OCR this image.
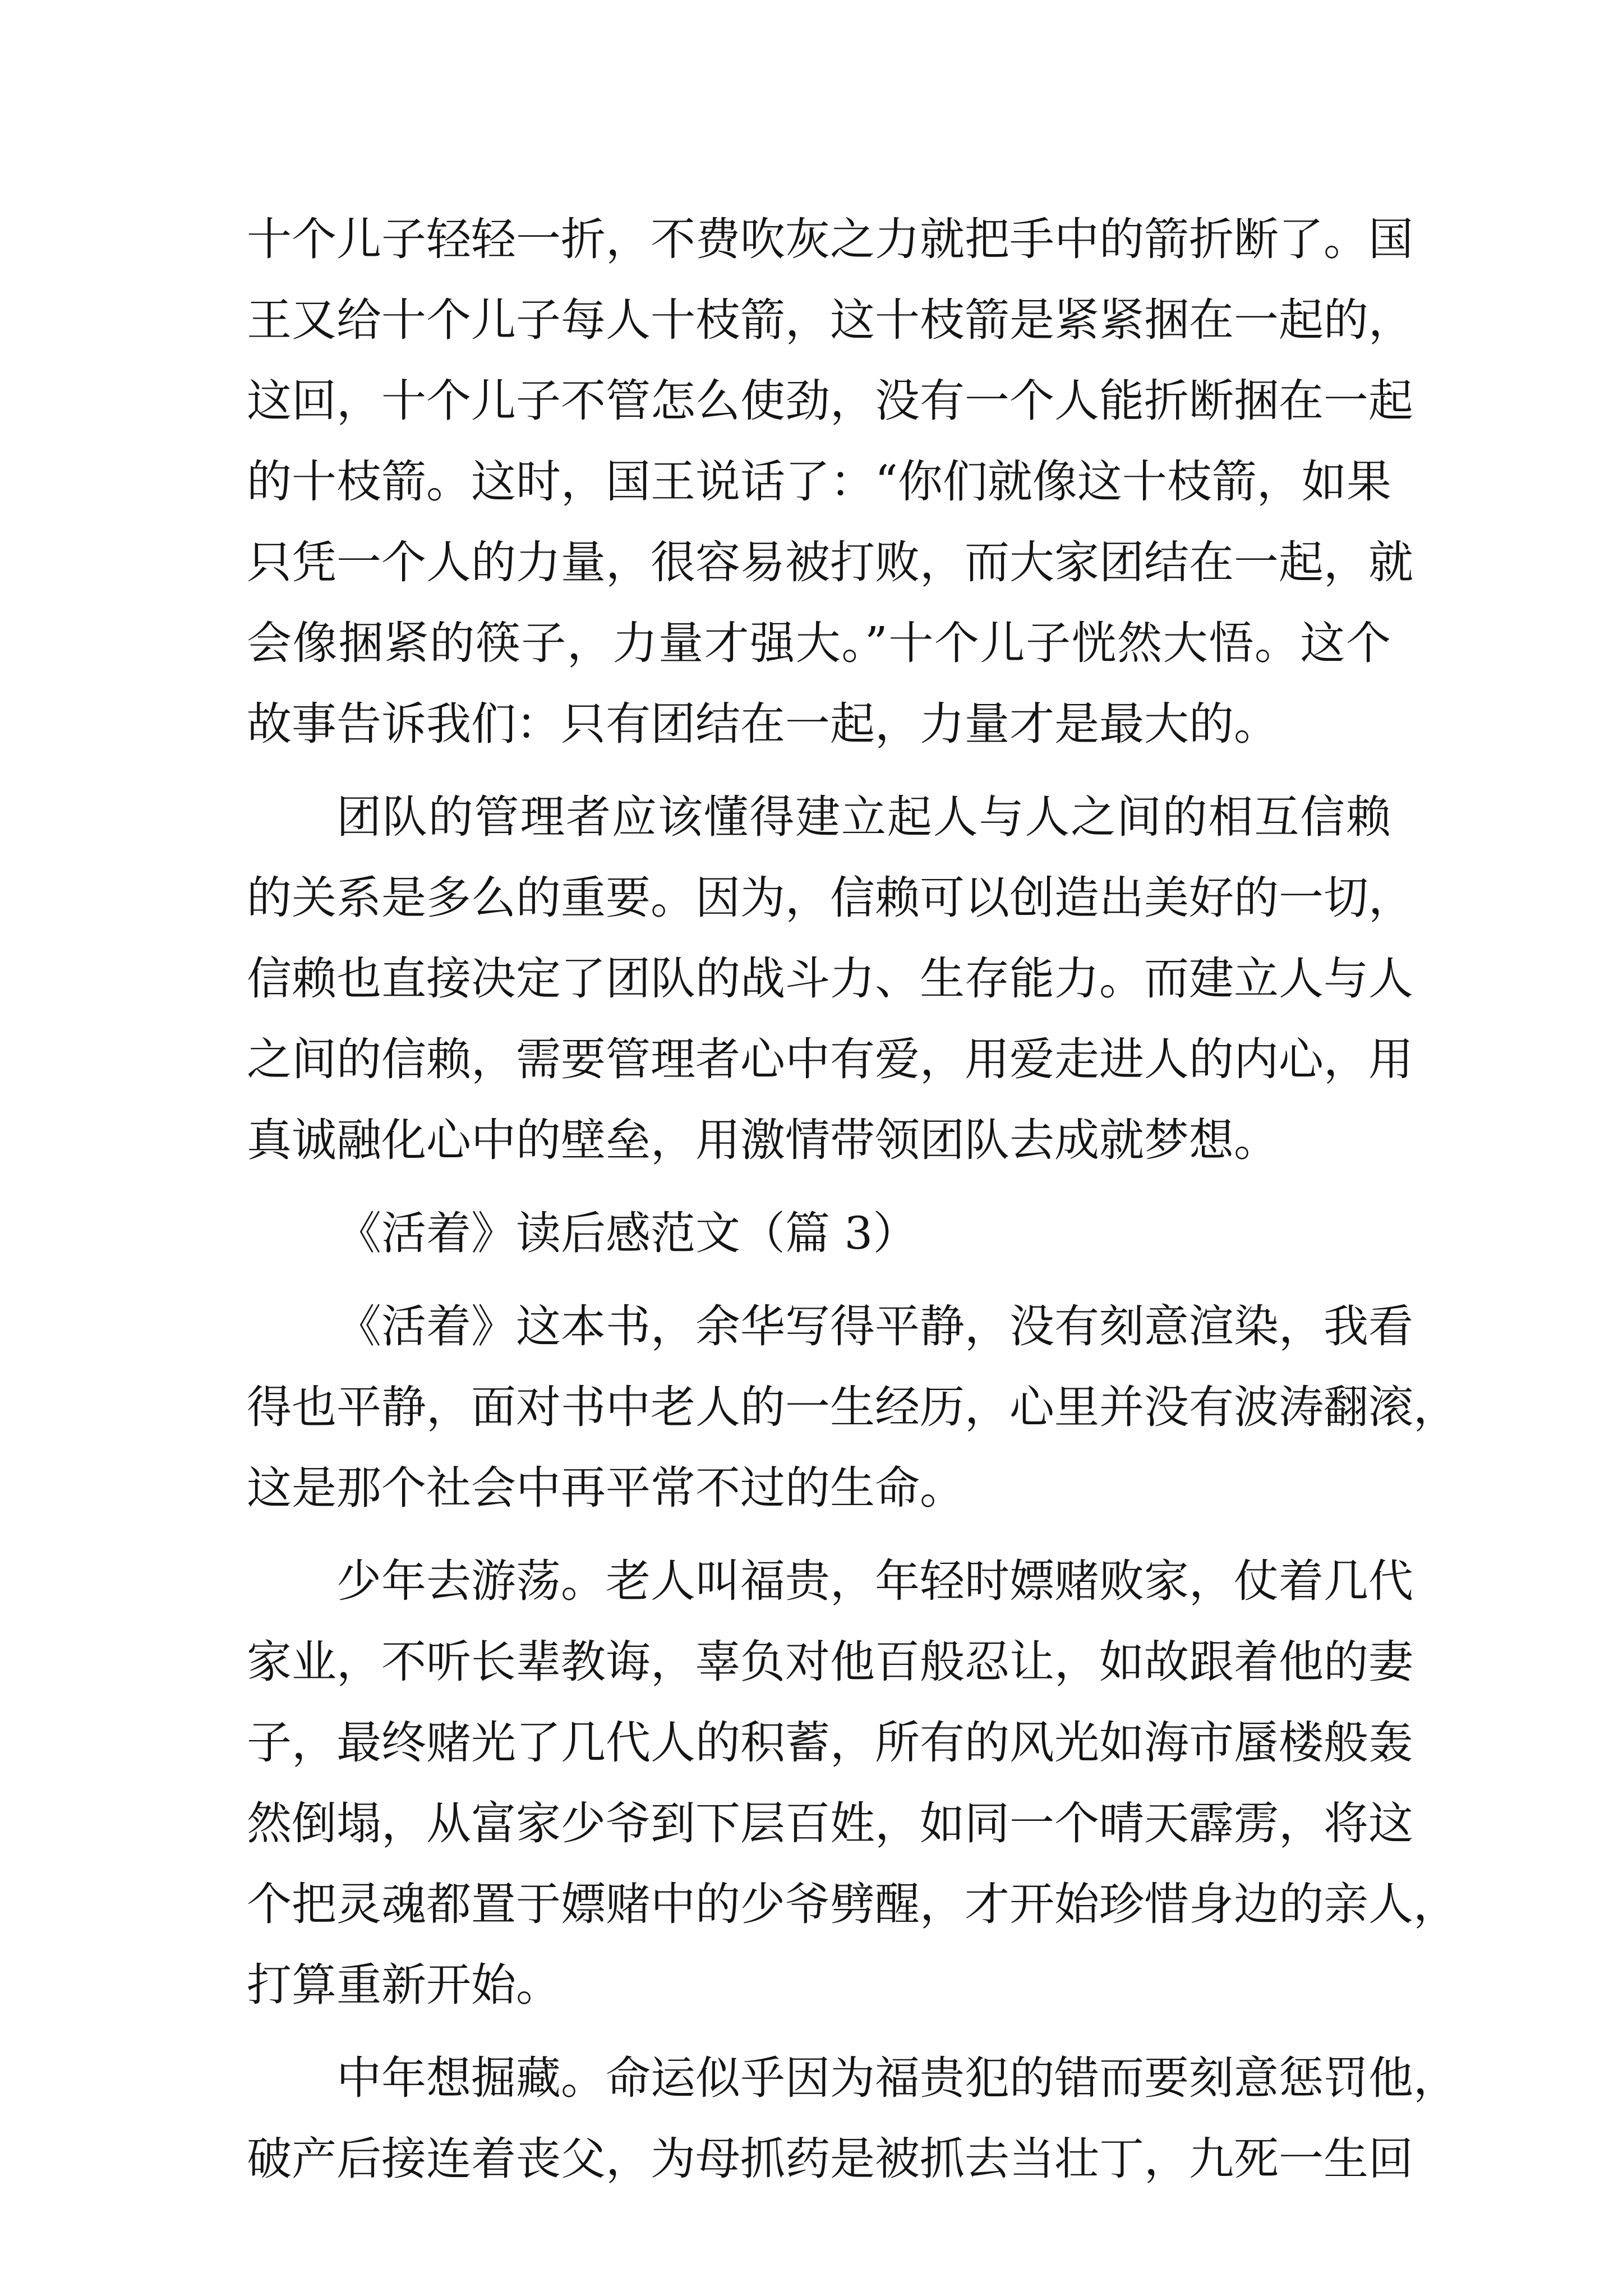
十个儿子轻轻一折，不费吹灰之力就把手中的箭折断了。国
王又给十个儿子每人十枝箭，这十枝箭是紧紧捆在一起的，
这回，十个儿子不管怎么使劲，没有一个人能折断捆在一起
的十枝箭。这时，国王说话了：“你们就像这十枝箭，如果
只凭一个人的力量，很容易被打败，而大家团结在一起，就
会像捆紧的筷子，力量才强大。”十个儿子恍然大悟。这个
故事告诉我们：只有团结在一起，力量才是最大的。
团队的管理者应该懂得建立起人与人之间的相互信赖
的关系是多么的重要。因为，信赖可以创造出美好的一切，
信赖也直接决定了团队的战斗力、生存能力。而建立人与人
之间的信赖，需要管理者心中有爱，用爱走进人的内心，用
真诚融化心中的壁垒，用激情带领团队去成就梦想。
《活着》读后感范文（篇 3）
《活着》这本书，余华写得平静，没有刻意渲染，我看
得也平静，面对书中老人的一生经历，心里并没有波涛翻滚，
这是那个社会中再平常不过的生命。
少年去游荡。老人叫福贵，年轻时嫖赌败家，仗着几代
家业，不听长辈教诲，辜负对他百般忍让，如故跟着他的妻
子，最终赌光了几代人的积蓄，所有的风光如海市蜃楼般轰
然倒塌，从富家少爷到下层百姓，如同一个晴天霹雳，将这
个把灵魂都置于嫖赌中的少爷劈醒，才开始珍惜身边的亲人，
打算重新开始。
中年想掘藏。命运似乎因为福贵犯的错而要刻意惩罚他，
破产后接连着丧父，为母抓药是被抓去当壮丁，九死一生回
